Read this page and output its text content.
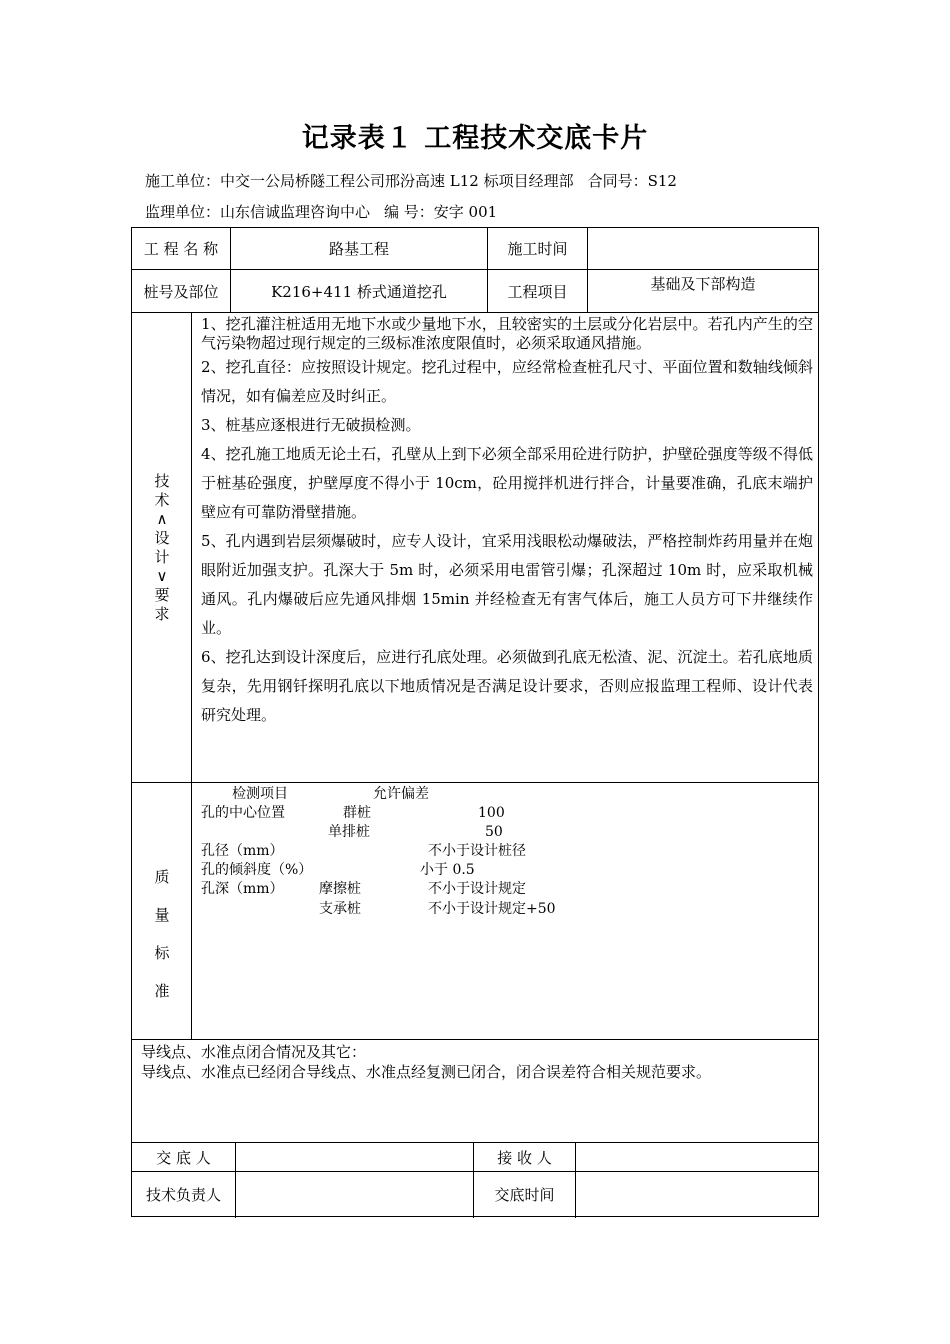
记录表１ 工程技术交底卡片
施工单位：中交一公局桥隧工程公司邢汾高速 L12 标项目经理部 合同号：S12
监理单位：山东信诚监理咨询中心 编 号：安字 001
工 程 名 称	路基工程	施工时间
桩号及部位	K216+411 桥式通道挖孔	工程项目	基础及下部构造
技
术
∧
设
计
∨
要
求

1、挖孔灌注桩适用无地下水或少量地下水，且较密实的土层或分化岩层中。若孔内产生的空气污染物超过现行规定的三级标准浓度限值时，必须采取通风措施。

2、挖孔直径：应按照设计规定。挖孔过程中，应经常检查桩孔尺寸、平面位置和数轴线倾斜情况，如有偏差应及时纠正。

3、桩基应逐根进行无破损检测。

4、挖孔施工地质无论土石，孔壁从上到下必须全部采用砼进行防护，护壁砼强度等级不得低于桩基砼强度，护壁厚度不得小于 10cm，砼用搅拌机进行拌合，计量要准确，孔底末端护壁应有可靠防滑壁措施。

5、孔内遇到岩层须爆破时，应专人设计，宜采用浅眼松动爆破法，严格控制炸药用量并在炮眼附近加强支护。孔深大于 5m 时，必须采用电雷管引爆；孔深超过 10m 时，应采取机械通风。孔内爆破后应先通风排烟 15min 并经检查无有害气体后，施工人员方可下井继续作业。

6、挖孔达到设计深度后，应进行孔底处理。必须做到孔底无松渣、泥、沉淀土。若孔底地质复杂，先用钢钎探明孔底以下地质情况是否满足设计要求，否则应报监理工程师、设计代表研究处理。

质
量
标
准
检测项目	允许偏差
孔的中心位置	群桩	100
单排桩	50
孔径（mm）	不小于设计桩径
孔的倾斜度（%）	小于 0.5
孔深（mm）	摩擦桩	不小于设计规定
支承桩	不小于设计规定+50
导线点、水准点闭合情况及其它：
导线点、水准点已经闭合导线点、水准点经复测已闭合，闭合误差符合相关规范要求。
交 底 人	接 收 人
技术负责人	交底时间
